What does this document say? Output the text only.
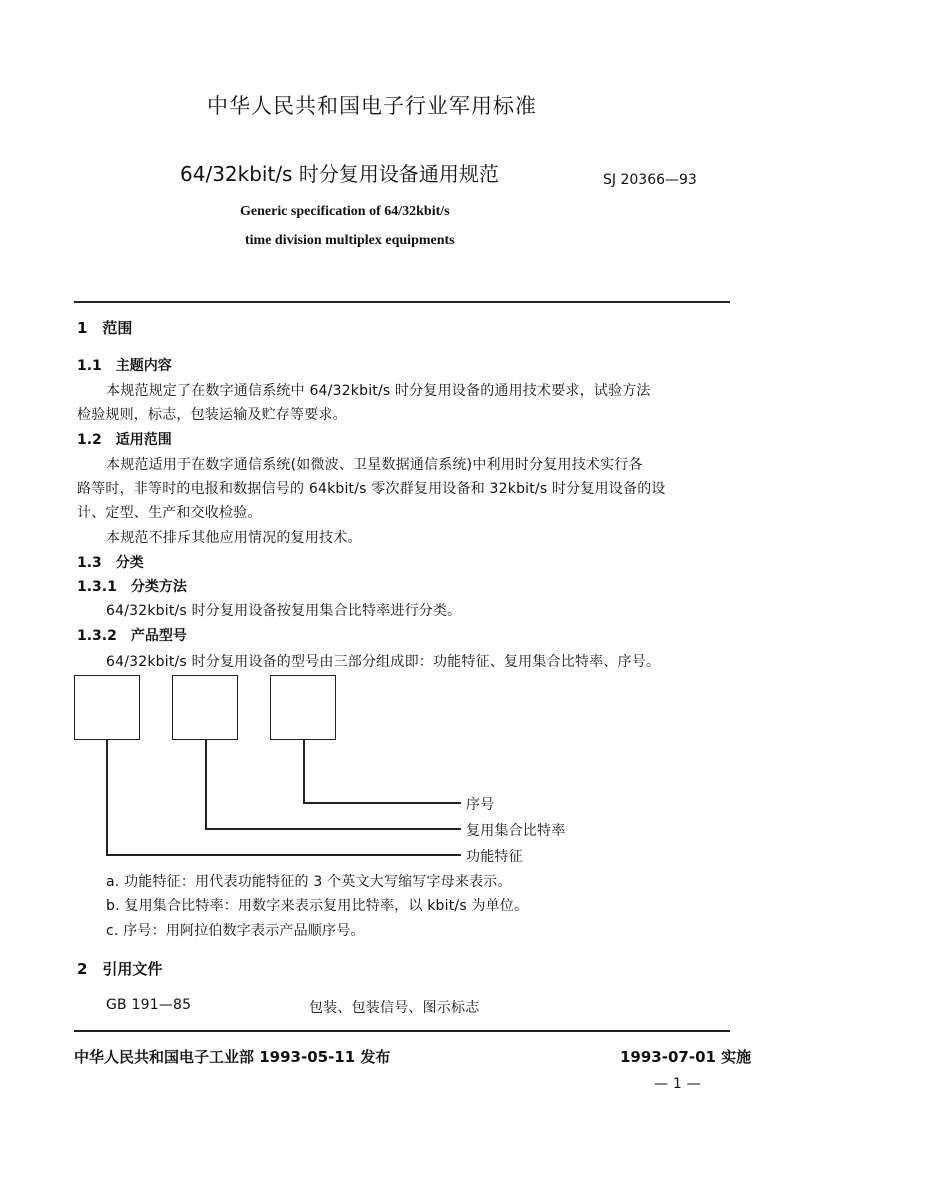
中华人民共和国电子行业军用标准
64/32kbit/s 时分复用设备通用规范	SJ 20366—93
Generic specification of 64/32kbit/s
time division multiplex equipments
1　范围
1.1　主题内容
本规范规定了在数字通信系统中 64/32kbit/s 时分复用设备的通用技术要求，试验方法
检验规则，标志，包装运输及贮存等要求。
1.2　适用范围
本规范适用于在数字通信系统(如微波、卫星数据通信系统)中利用时分复用技术实行各
路等时，非等时的电报和数据信号的 64kbit/s 零次群复用设备和 32kbit/s 时分复用设备的设
计、定型、生产和交收检验。
本规范不排斥其他应用情况的复用技术。
1.3　分类
1.3.1　分类方法
64/32kbit/s 时分复用设备按复用集合比特率进行分类。
1.3.2　产品型号
64/32kbit/s 时分复用设备的型号由三部分组成即：功能特征、复用集合比特率、序号。
序号
复用集合比特率
功能特征
a. 功能特征：用代表功能特征的 3 个英文大写缩写字母来表示。
b. 复用集合比特率：用数字来表示复用比特率，以 kbit/s 为单位。
c. 序号：用阿拉伯数字表示产品顺序号。
2　引用文件
GB 191—85	包装、包装信号、图示标志
中华人民共和国电子工业部 1993-05-11 发布	1993-07-01 实施
— 1 —
